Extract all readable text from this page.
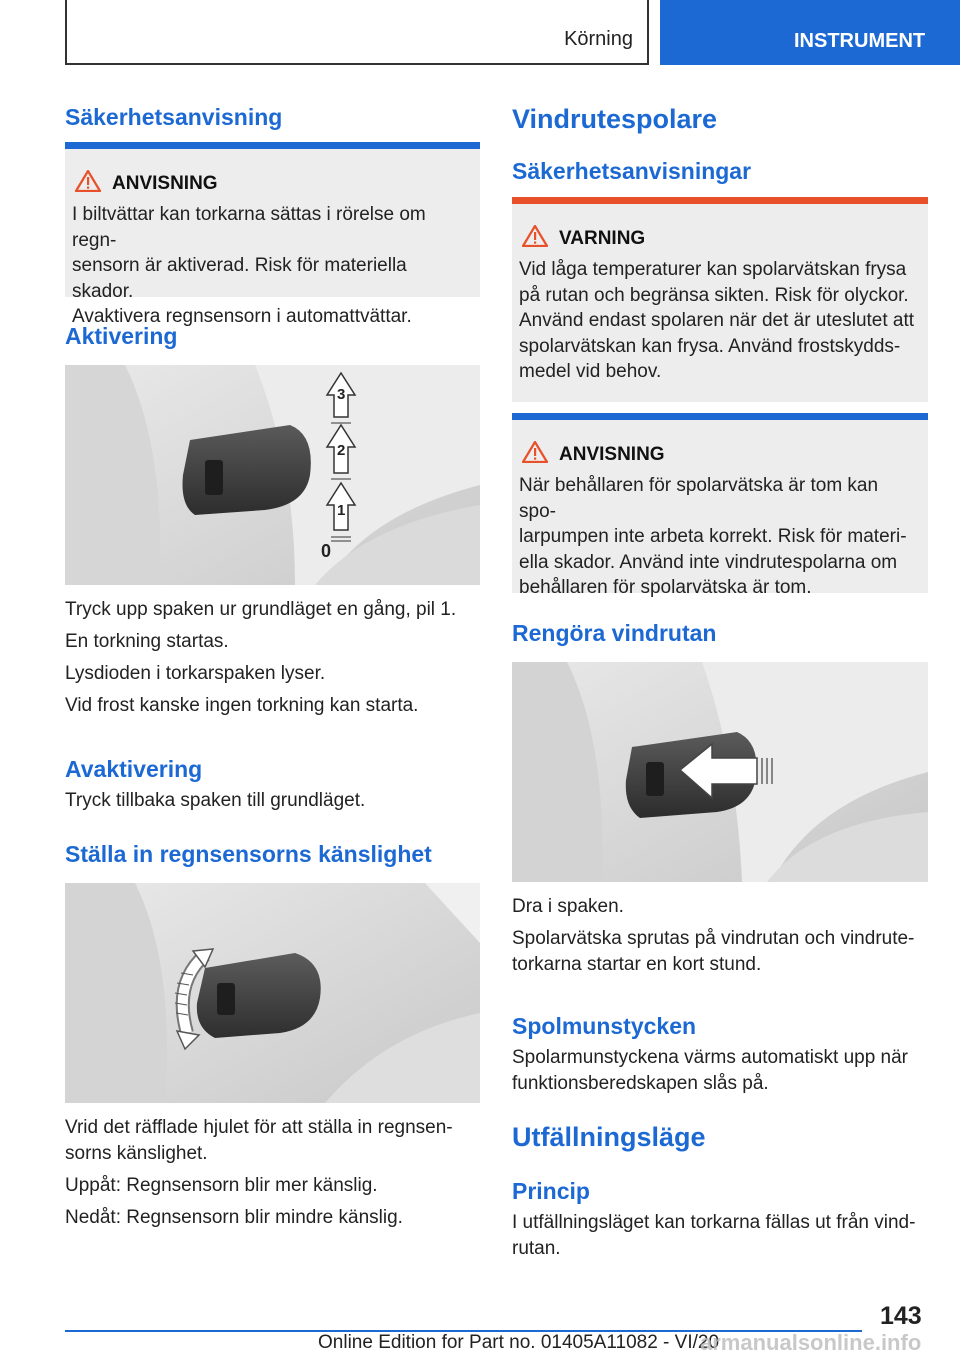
Körning	INSTRUMENT
Säkerhetsanvisning
ANVISNING
I biltvättar kan torkarna sättas i rörelse om regn-
sensorn är aktiverad. Risk för materiella skador.
Avaktivera regnsensorn i automattvättar.
Aktivering
3
2
1
0
Tryck upp spaken ur grundläget en gång, pil 1.
En torkning startas.
Lysdioden i torkarspaken lyser.
Vid frost kanske ingen torkning kan starta.
Avaktivering
Tryck tillbaka spaken till grundläget.
Ställa in regnsensorns känslighet
Vrid det räfflade hjulet för att ställa in regnsen-
sorns känslighet.
Uppåt: Regnsensorn blir mer känslig.
Nedåt: Regnsensorn blir mindre känslig.
Vindrutespolare
Säkerhetsanvisningar
VARNING
Vid låga temperaturer kan spolarvätskan frysa
på rutan och begränsa sikten. Risk för olyckor.
Använd endast spolaren när det är uteslutet att
spolarvätskan kan frysa. Använd frostskydds-
medel vid behov.
ANVISNING
När behållaren för spolarvätska är tom kan spo-
larpumpen inte arbeta korrekt. Risk för materi-
ella skador. Använd inte vindrutespolarna om
behållaren för spolarvätska är tom.
Rengöra vindrutan
Dra i spaken.
Spolarvätska sprutas på vindrutan och vindrute-
torkarna startar en kort stund.
Spolmunstycken
Spolarmunstyckena värms automatiskt upp när
funktionsberedskapen slås på.
Utfällningsläge
Princip
I utfällningsläget kan torkarna fällas ut från vind-
rutan.
143
Online Edition for Part no. 01405A11082 - VI/20
armanualsonline.info
